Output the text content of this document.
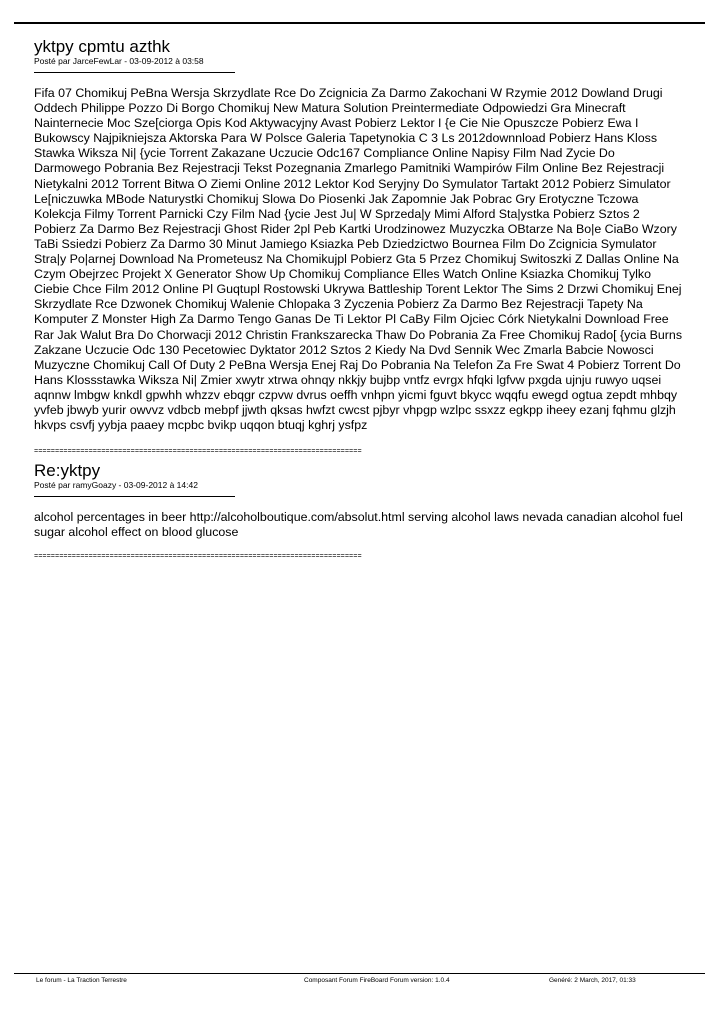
yktpy cpmtu azthk
Posté par JarceFewLar - 03-09-2012 à 03:58
Fifa 07 Chomikuj PeBna Wersja Skrzydlate Rce Do Zcignicia Za Darmo Zakochani W Rzymie 2012 Dowland Drugi Oddech Philippe Pozzo Di Borgo Chomikuj New Matura Solution Preintermediate Odpowiedzi Gra Minecraft Nainternecie Moc Sze[ciorga Opis Kod Aktywacyjny Avast Pobierz Lektor I {e Cie Nie Opuszcze Pobierz Ewa I Bukowscy Najpikniejsza Aktorska Para W Polsce Galeria Tapetynokia C 3 Ls 2012downnload Pobierz Hans Kloss Stawka Wiksza Ni| {ycie Torrent Zakazane Uczucie Odc167 Compliance Online Napisy Film Nad Zycie Do Darmowego Pobrania Bez Rejestracji Tekst Pozegnania Zmarlego Pamitniki Wampirów Film Online Bez Rejestracji Nietykalni 2012 Torrent Bitwa O Ziemi Online 2012 Lektor Kod Seryjny Do Symulator Tartakt 2012 Pobierz Simulator Le[niczuwka MBode Naturystki Chomikuj Slowa Do Piosenki Jak Zapomnie Jak Pobrac Gry Erotyczne Tczowa Kolekcja Filmy Torrent Parnicki Czy Film Nad {ycie Jest Ju| W Sprzeda|y Mimi Alford Sta|ystka Pobierz Sztos 2 Pobierz Za Darmo Bez Rejestracji Ghost Rider 2pl Peb Kartki Urodzinowez Muzyczka OBtarze Na Bo|e CiaBo Wzory TaBi Ssiedzi Pobierz Za Darmo 30 Minut Jamiego Ksiazka Peb Dziedzictwo Bournea Film Do Zcignicia Symulator Stra|y Po|arnej Download Na Prometeusz Na Chomikujpl Pobierz Gta 5 Przez Chomikuj Switoszki Z Dallas Online Na Czym Obejrzec Projekt X Generator Show Up Chomikuj Compliance Elles Watch Online Ksiazka Chomikuj Tylko Ciebie Chce Film 2012 Online Pl Guqtupl Rostowski Ukrywa Battleship Torent Lektor The Sims 2 Drzwi Chomikuj Enej Skrzydlate Rce Dzwonek Chomikuj Walenie Chlopaka 3 Zyczenia Pobierz Za Darmo Bez Rejestracji Tapety Na Komputer Z Monster High Za Darmo Tengo Ganas De Ti Lektor Pl CaBy Film Ojciec Córk Nietykalni Download Free Rar Jak Walut Bra Do Chorwacji 2012 Christin Frankszarecka Thaw Do Pobrania Za Free Chomikuj Rado[ {ycia Burns Zakzane Uczucie Odc 130 Pecetowiec Dyktator 2012 Sztos 2 Kiedy Na Dvd Sennik Wec Zmarla Babcie Nowosci Muzyczne Chomikuj Call Of Duty 2 PeBna Wersja Enej Raj Do Pobrania Na Telefon Za Fre Swat 4 Pobierz Torrent Do Hans Klossstawka Wiksza Ni| Zmier xwytr xtrwa ohnqy nkkjy bujbp vntfz evrgx hfqki lgfvw pxgda ujnju ruwyo uqsei aqnnw lmbgw knkdl gpwhh whzzv ebqgr czpvw dvrus oeffh vnhpn yicmi fguvt bkycc wqqfu ewegd ogtua zepdt mhbqy yvfeb jbwyb yurir owvvz vdbcb mebpf jjwth qksas hwfzt cwcst pjbyr vhpgp wzlpc ssxzz egkpp iheey ezanj fqhmu glzjh hkvps csvfj yybja paaey mcpbc bvikp uqqon btuqj kghrj ysfpz
==============================================================================
Re:yktpy
Posté par ramyGoazy - 03-09-2012 à 14:42
alcohol percentages in beer http://alcoholboutique.com/absolut.html serving alcohol laws nevada canadian alcohol fuel sugar alcohol effect on blood glucose
==============================================================================
Le forum - La Traction Terrestre	Composant Forum FireBoard Forum version: 1.0.4	Genéré: 2 March, 2017, 01:33
